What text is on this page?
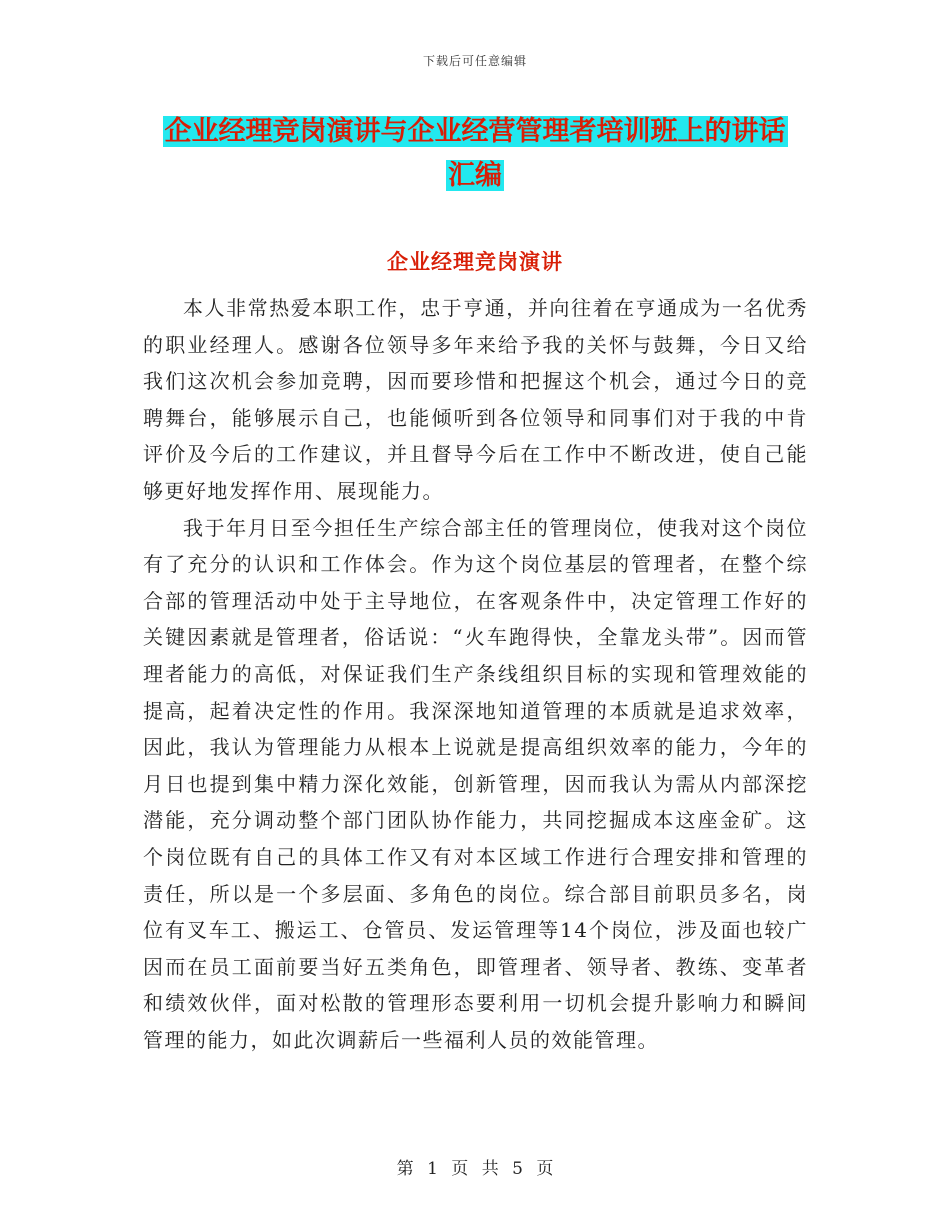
下载后可任意编辑
企业经理竞岗演讲与企业经营管理者培训班上的讲话
汇编
企业经理竞岗演讲

本人非常热爱本职工作，忠于亨通，并向往着在亨通成为一名优秀的职业经理人。感谢各位领导多年来给予我的关怀与鼓舞，今日又给我们这次机会参加竞聘，因而要珍惜和把握这个机会，通过今日的竞聘舞台，能够展示自己，也能倾听到各位领导和同事们对于我的中肯评价及今后的工作建议，并且督导今后在工作中不断改进，使自己能够更好地发挥作用、展现能力。

我于年月日至今担任生产综合部主任的管理岗位，使我对这个岗位有了充分的认识和工作体会。作为这个岗位基层的管理者，在整个综合部的管理活动中处于主导地位，在客观条件中，决定管理工作好的关键因素就是管理者，俗话说：“火车跑得快，全靠龙头带”。因而管理者能力的高低，对保证我们生产条线组织目标的实现和管理效能的提高，起着决定性的作用。我深深地知道管理的本质就是追求效率，因此，我认为管理能力从根本上说就是提高组织效率的能力，今年的月日也提到集中精力深化效能，创新管理，因而我认为需从内部深挖潜能，充分调动整个部门团队协作能力，共同挖掘成本这座金矿。这个岗位既有自己的具体工作又有对本区域工作进行合理安排和管理的责任，所以是一个多层面、多角色的岗位。综合部目前职员多名，岗位有叉车工、搬运工、仓管员、发运管理等14个岗位，涉及面也较广因而在员工面前要当好五类角色，即管理者、领导者、教练、变革者和绩效伙伴，面对松散的管理形态要利用一切机会提升影响力和瞬间管理的能力，如此次调薪后一些福利人员的效能管理。

第 1 页 共 5 页
